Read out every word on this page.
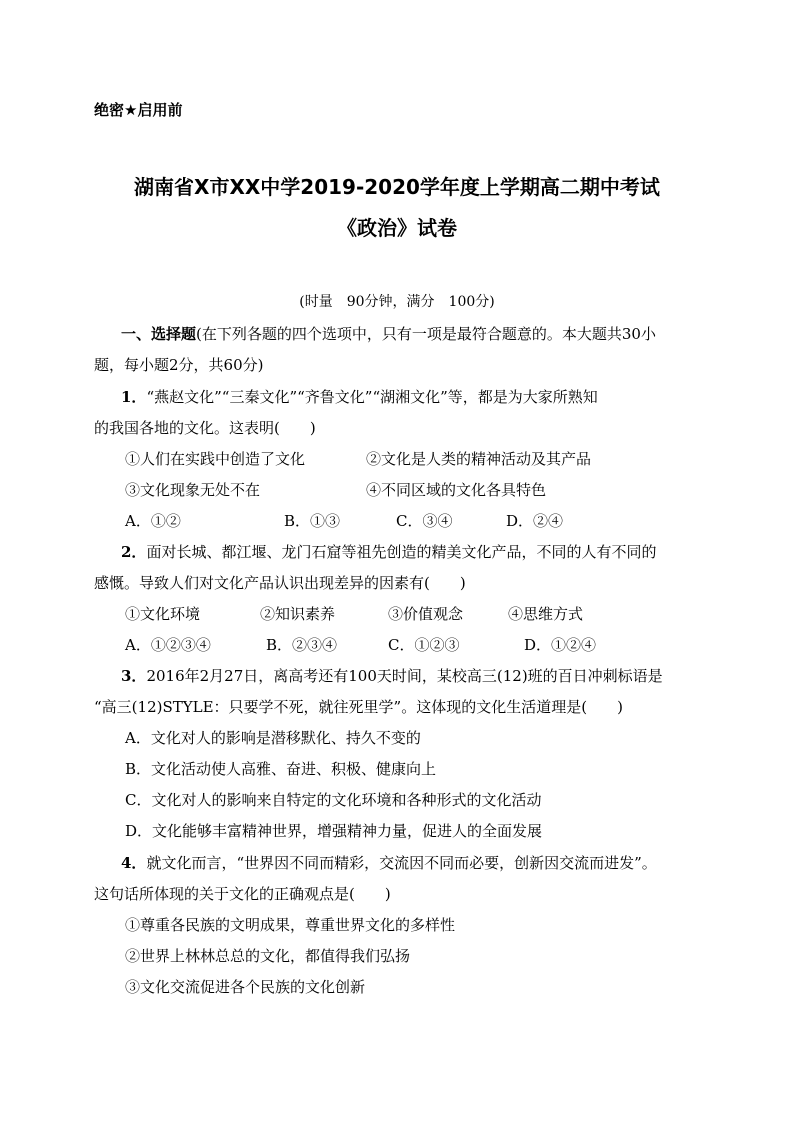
绝密★启用前
湖南省X市XX中学2019-2020学年度上学期高二期中考试
《政治》试卷
(时量　90分钟，满分　100分)
一、选择题(在下列各题的四个选项中，只有一项是最符合题意的。本大题共30小
题，每小题2分，共60分)
1．“燕赵文化”“三秦文化”“齐鲁文化”“湖湘文化”等，都是为大家所熟知
的我国各地的文化。这表明(　　)
①人们在实践中创造了文化	②文化是人类的精神活动及其产品
③文化现象无处不在	④不同区域的文化各具特色
A．①②	B．①③	C．③④	D．②④
2．面对长城、都江堰、龙门石窟等祖先创造的精美文化产品，不同的人有不同的
感慨。导致人们对文化产品认识出现差异的因素有(　　)
①文化环境	②知识素养	③价值观念	④思维方式
A．①②③④	B．②③④	C．①②③	D．①②④
3．2016年2月27日，离高考还有100天时间，某校高三(12)班的百日冲刺标语是
“高三(12)STYLE：只要学不死，就往死里学”。这体现的文化生活道理是(　　)
A．文化对人的影响是潜移默化、持久不变的
B．文化活动使人高雅、奋进、积极、健康向上
C．文化对人的影响来自特定的文化环境和各种形式的文化活动
D．文化能够丰富精神世界，增强精神力量，促进人的全面发展
4．就文化而言，“世界因不同而精彩，交流因不同而必要，创新因交流而进发”。
这句话所体现的关于文化的正确观点是(　　)
①尊重各民族的文明成果，尊重世界文化的多样性
②世界上林林总总的文化，都值得我们弘扬
③文化交流促进各个民族的文化创新
